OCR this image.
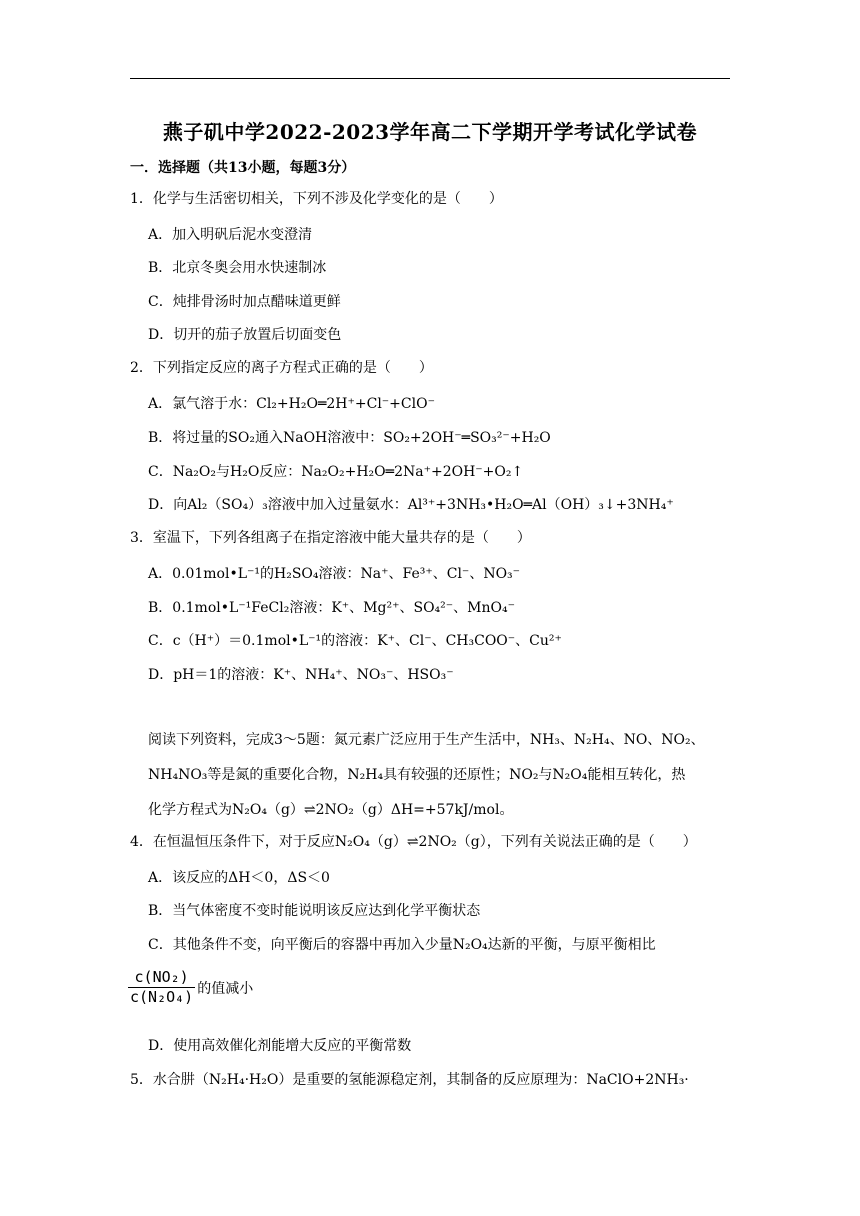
燕子矶中学2022-2023学年高二下学期开学考试化学试卷
一．选择题（共13小题，每题3分）
1．化学与生活密切相关，下列不涉及化学变化的是（　　）
A．加入明矾后泥水变澄清
B．北京冬奥会用水快速制冰
C．炖排骨汤时加点醋味道更鲜
D．切开的茄子放置后切面变色
2．下列指定反应的离子方程式正确的是（　　）
A．氯气溶于水：Cl₂+H₂O═2H⁺+Cl⁻+ClO⁻
B．将过量的SO₂通入NaOH溶液中：SO₂+2OH⁻═SO₃²⁻+H₂O
C．Na₂O₂与H₂O反应：Na₂O₂+H₂O═2Na⁺+2OH⁻+O₂↑
D．向Al₂（SO₄）₃溶液中加入过量氨水：Al³⁺+3NH₃•H₂O═Al（OH）₃↓+3NH₄⁺
3．室温下，下列各组离子在指定溶液中能大量共存的是（　　）
A．0.01mol•L⁻¹的H₂SO₄溶液：Na⁺、Fe³⁺、Cl⁻、NO₃⁻
B．0.1mol•L⁻¹FeCl₂溶液：K⁺、Mg²⁺、SO₄²⁻、MnO₄⁻
C．c（H⁺）＝0.1mol•L⁻¹的溶液：K⁺、Cl⁻、CH₃COO⁻、Cu²⁺
D．pH＝1的溶液：K⁺、NH₄⁺、NO₃⁻、HSO₃⁻
阅读下列资料，完成3～5题：氮元素广泛应用于生产生活中，NH₃、N₂H₄、NO、NO₂、
NH₄NO₃等是氮的重要化合物，N₂H₄具有较强的还原性；NO₂与N₂O₄能相互转化，热
化学方程式为N₂O₄（g）⇌2NO₂（g）ΔH=+57kJ/mol。
4．在恒温恒压条件下，对于反应N₂O₄（g）⇌2NO₂（g），下列有关说法正确的是（　　）
A．该反应的ΔH＜0，ΔS＜0
B．当气体密度不变时能说明该反应达到化学平衡状态
C．其他条件不变，向平衡后的容器中再加入少量N₂O₄达新的平衡，与原平衡相比
$\frac{\text{c(NO₂)}}{\text{c(N₂O₄)}}$ 的值减小
D．使用高效催化剂能增大反应的平衡常数
5．水合肼（N₂H₄·H₂O）是重要的氢能源稳定剂，其制备的反应原理为：NaClO+2NH₃·
